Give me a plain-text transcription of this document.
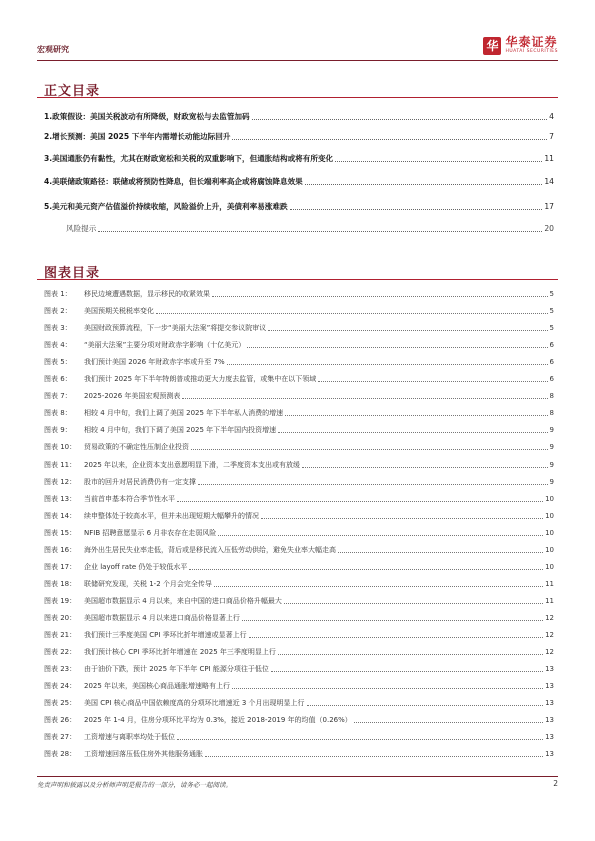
宏观研究	华 华泰证券
HUATAI SECURITIES
正文目录
1.政策假设：美国关税波动有所降级，财政宽松与去监管加码	4
2.增长预测：美国 2025 下半年内需增长动能边际回升	7
3.美国通胀仍有黏性，尤其在财政宽松和关税的双重影响下，但通胀结构或将有所变化	11
4.美联储政策路径：联储或将预防性降息，但长端利率高企或将腐蚀降息效果	14
5.美元和美元资产估值溢价持续收缩，风险溢价上升，美债利率易涨难跌	17
风险提示	20
图表目录
图表 1：	移民边境遭遇数据，显示移民的收紧效果	5
图表 2：	美国预期关税税率变化	5
图表 3：	美国财政预算流程，下一步“美丽大法案”将提交参议院审议	5
图表 4：	“美丽大法案”主要分项对财政赤字影响（十亿美元）	6
图表 5：	我们预计美国 2026 年财政赤字率或升至 7%	6
图表 6：	我们预计 2025 年下半年特朗普或推动更大力度去监管，或集中在以下领域	6
图表 7：	2025-2026 年美国宏观预测表	8
图表 8：	相较 4 月中旬，我们上调了美国 2025 年下半年私人消费的增速	8
图表 9：	相较 4 月中旬，我们下调了美国 2025 年下半年国内投资增速	9
图表 10：	贸易政策的不确定性压制企业投资	9
图表 11：	2025 年以来，企业资本支出意愿明显下滑，二季度资本支出或有放缓	9
图表 12：	股市的回升对居民消费仍有一定支撑	9
图表 13：	当前首申基本符合季节性水平	10
图表 14：	续申整体处于较高水平，但并未出现短期大幅攀升的情况	10
图表 15：	NFIB 招聘意愿显示 6 月非农存在走弱风险	10
图表 16：	海外出生居民失业率走低，背后或是移民流入压低劳动供给，避免失业率大幅走高	10
图表 17：	企业 layoff rate 仍处于较低水平	10
图表 18：	联储研究发现，关税 1-2 个月会完全传导	11
图表 19：	美国超市数据显示 4 月以来，来自中国的进口商品价格升幅最大	11
图表 20：	美国超市数据显示 4 月以来进口商品价格显著上行	12
图表 21：	我们预计三季度美国 CPI 季环比折年增速或显著上行	12
图表 22：	我们预计核心 CPI 季环比折年增速在 2025 年三季度明显上行	12
图表 23：	由于油价下跌，预计 2025 年下半年 CPI 能源分项往于低位	13
图表 24：	2025 年以来，美国核心商品通胀增速略有上行	13
图表 25：	美国 CPI 核心商品中国依赖度高的分项环比增速近 3 个月出现明显上行	13
图表 26：	2025 年 1-4 月，住房分项环比平均为 0.3%，接近 2018-2019 年的均值（0.26%）	13
图表 27：	工资增速与离职率均处于低位	13
图表 28：	工资增速回落压低住房外其他服务通胀	13
免责声明和披露以及分析师声明是报告的一部分，请务必一起阅读。	2
